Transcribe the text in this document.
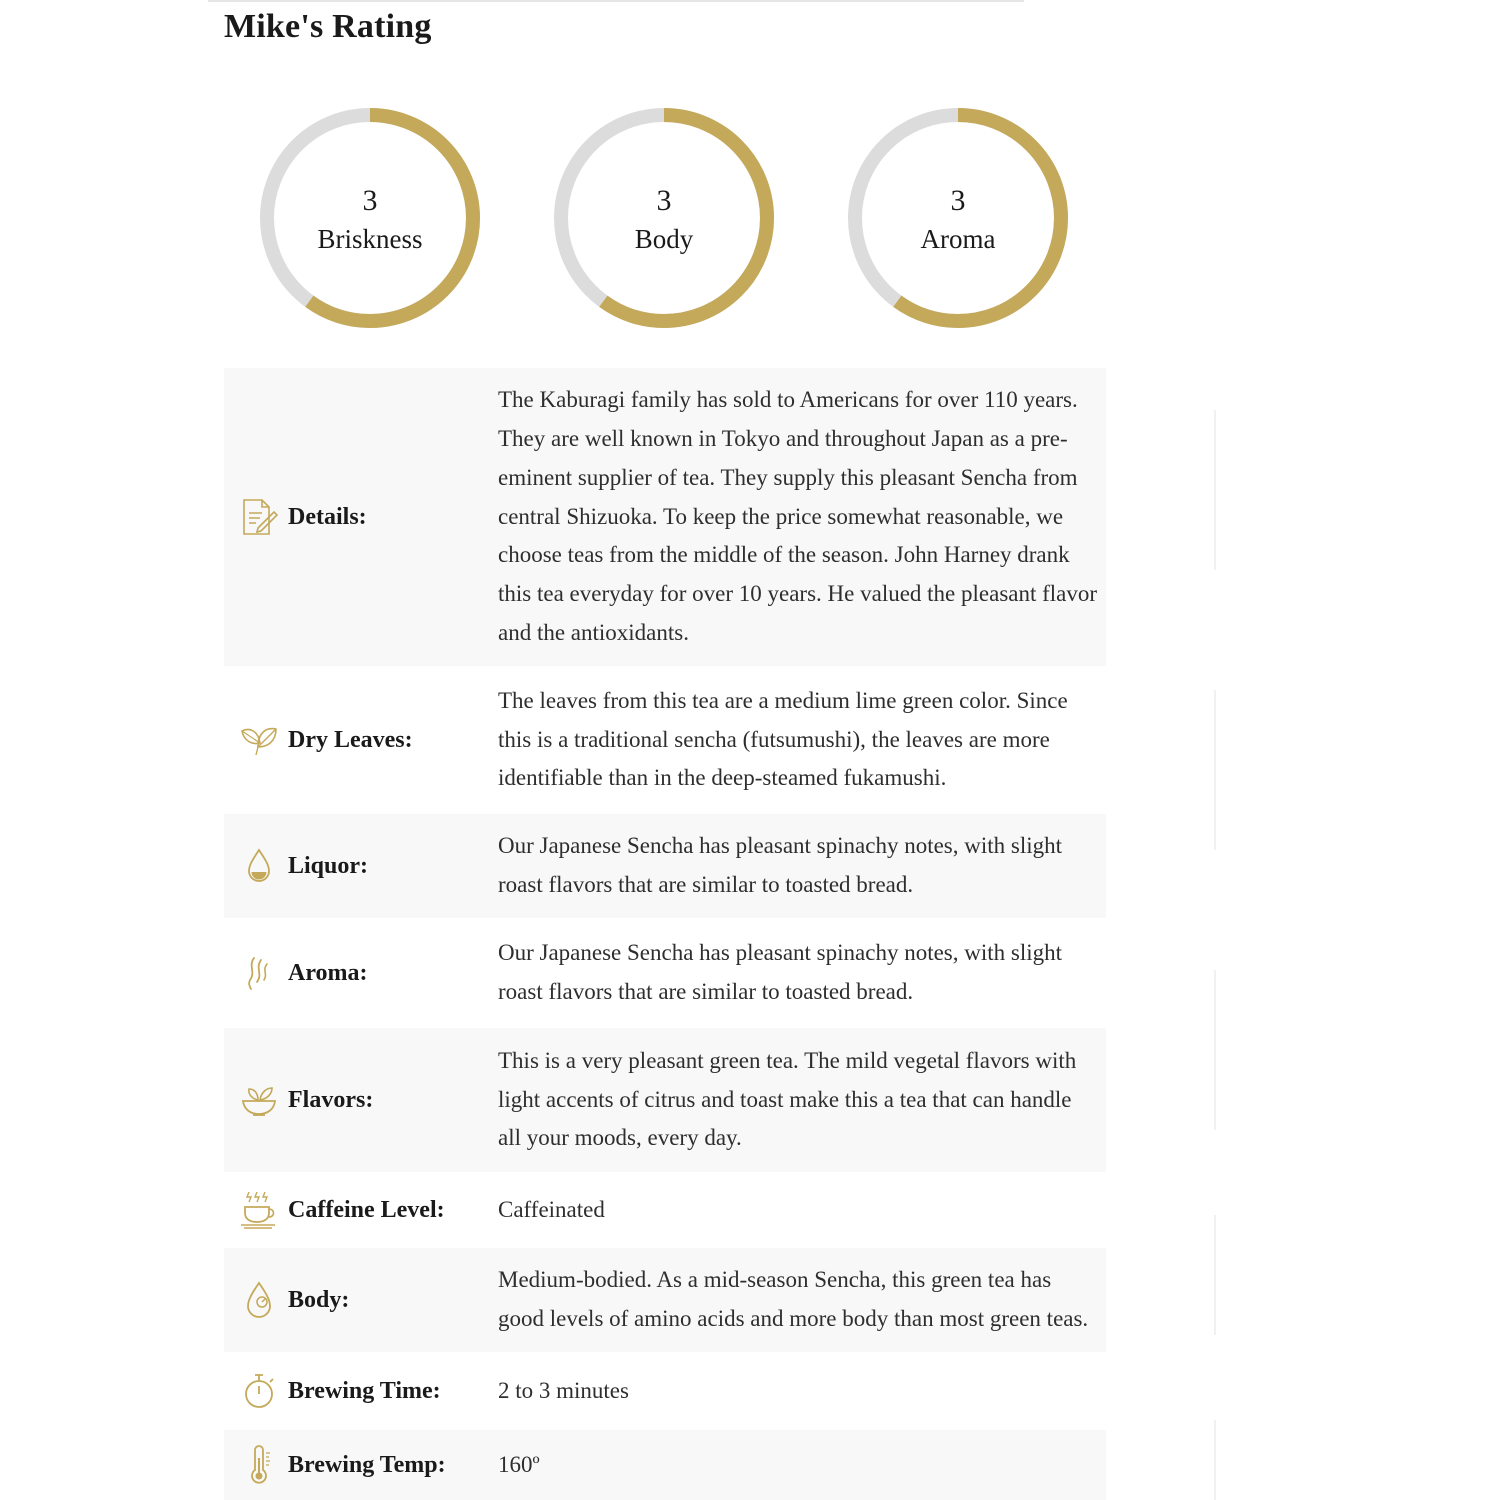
Mike's Rating
3
Briskness
3
Body
3
Aroma
Details:
The Kaburagi family has sold to Americans for over 110 years. They are well known in Tokyo and throughout Japan as a pre-eminent supplier of tea. They supply this pleasant Sencha from central Shizuoka. To keep the price somewhat reasonable, we choose teas from the middle of the season. John Harney drank this tea everyday for over 10 years. He valued the pleasant flavor and the antioxidants.
Dry Leaves:
The leaves from this tea are a medium lime green color. Since this is a traditional sencha (futsumushi), the leaves are more identifiable than in the deep-steamed fukamushi.
Liquor:
Our Japanese Sencha has pleasant spinachy notes, with slight roast flavors that are similar to toasted bread.
Aroma:
Our Japanese Sencha has pleasant spinachy notes, with slight roast flavors that are similar to toasted bread.
Flavors:
This is a very pleasant green tea. The mild vegetal flavors with light accents of citrus and toast make this a tea that can handle all your moods, every day.
Caffeine Level: Caffeinated
Body:
Medium-bodied. As a mid-season Sencha, this green tea has good levels of amino acids and more body than most green teas.
Brewing Time: 2 to 3 minutes
Brewing Temp: 160º
